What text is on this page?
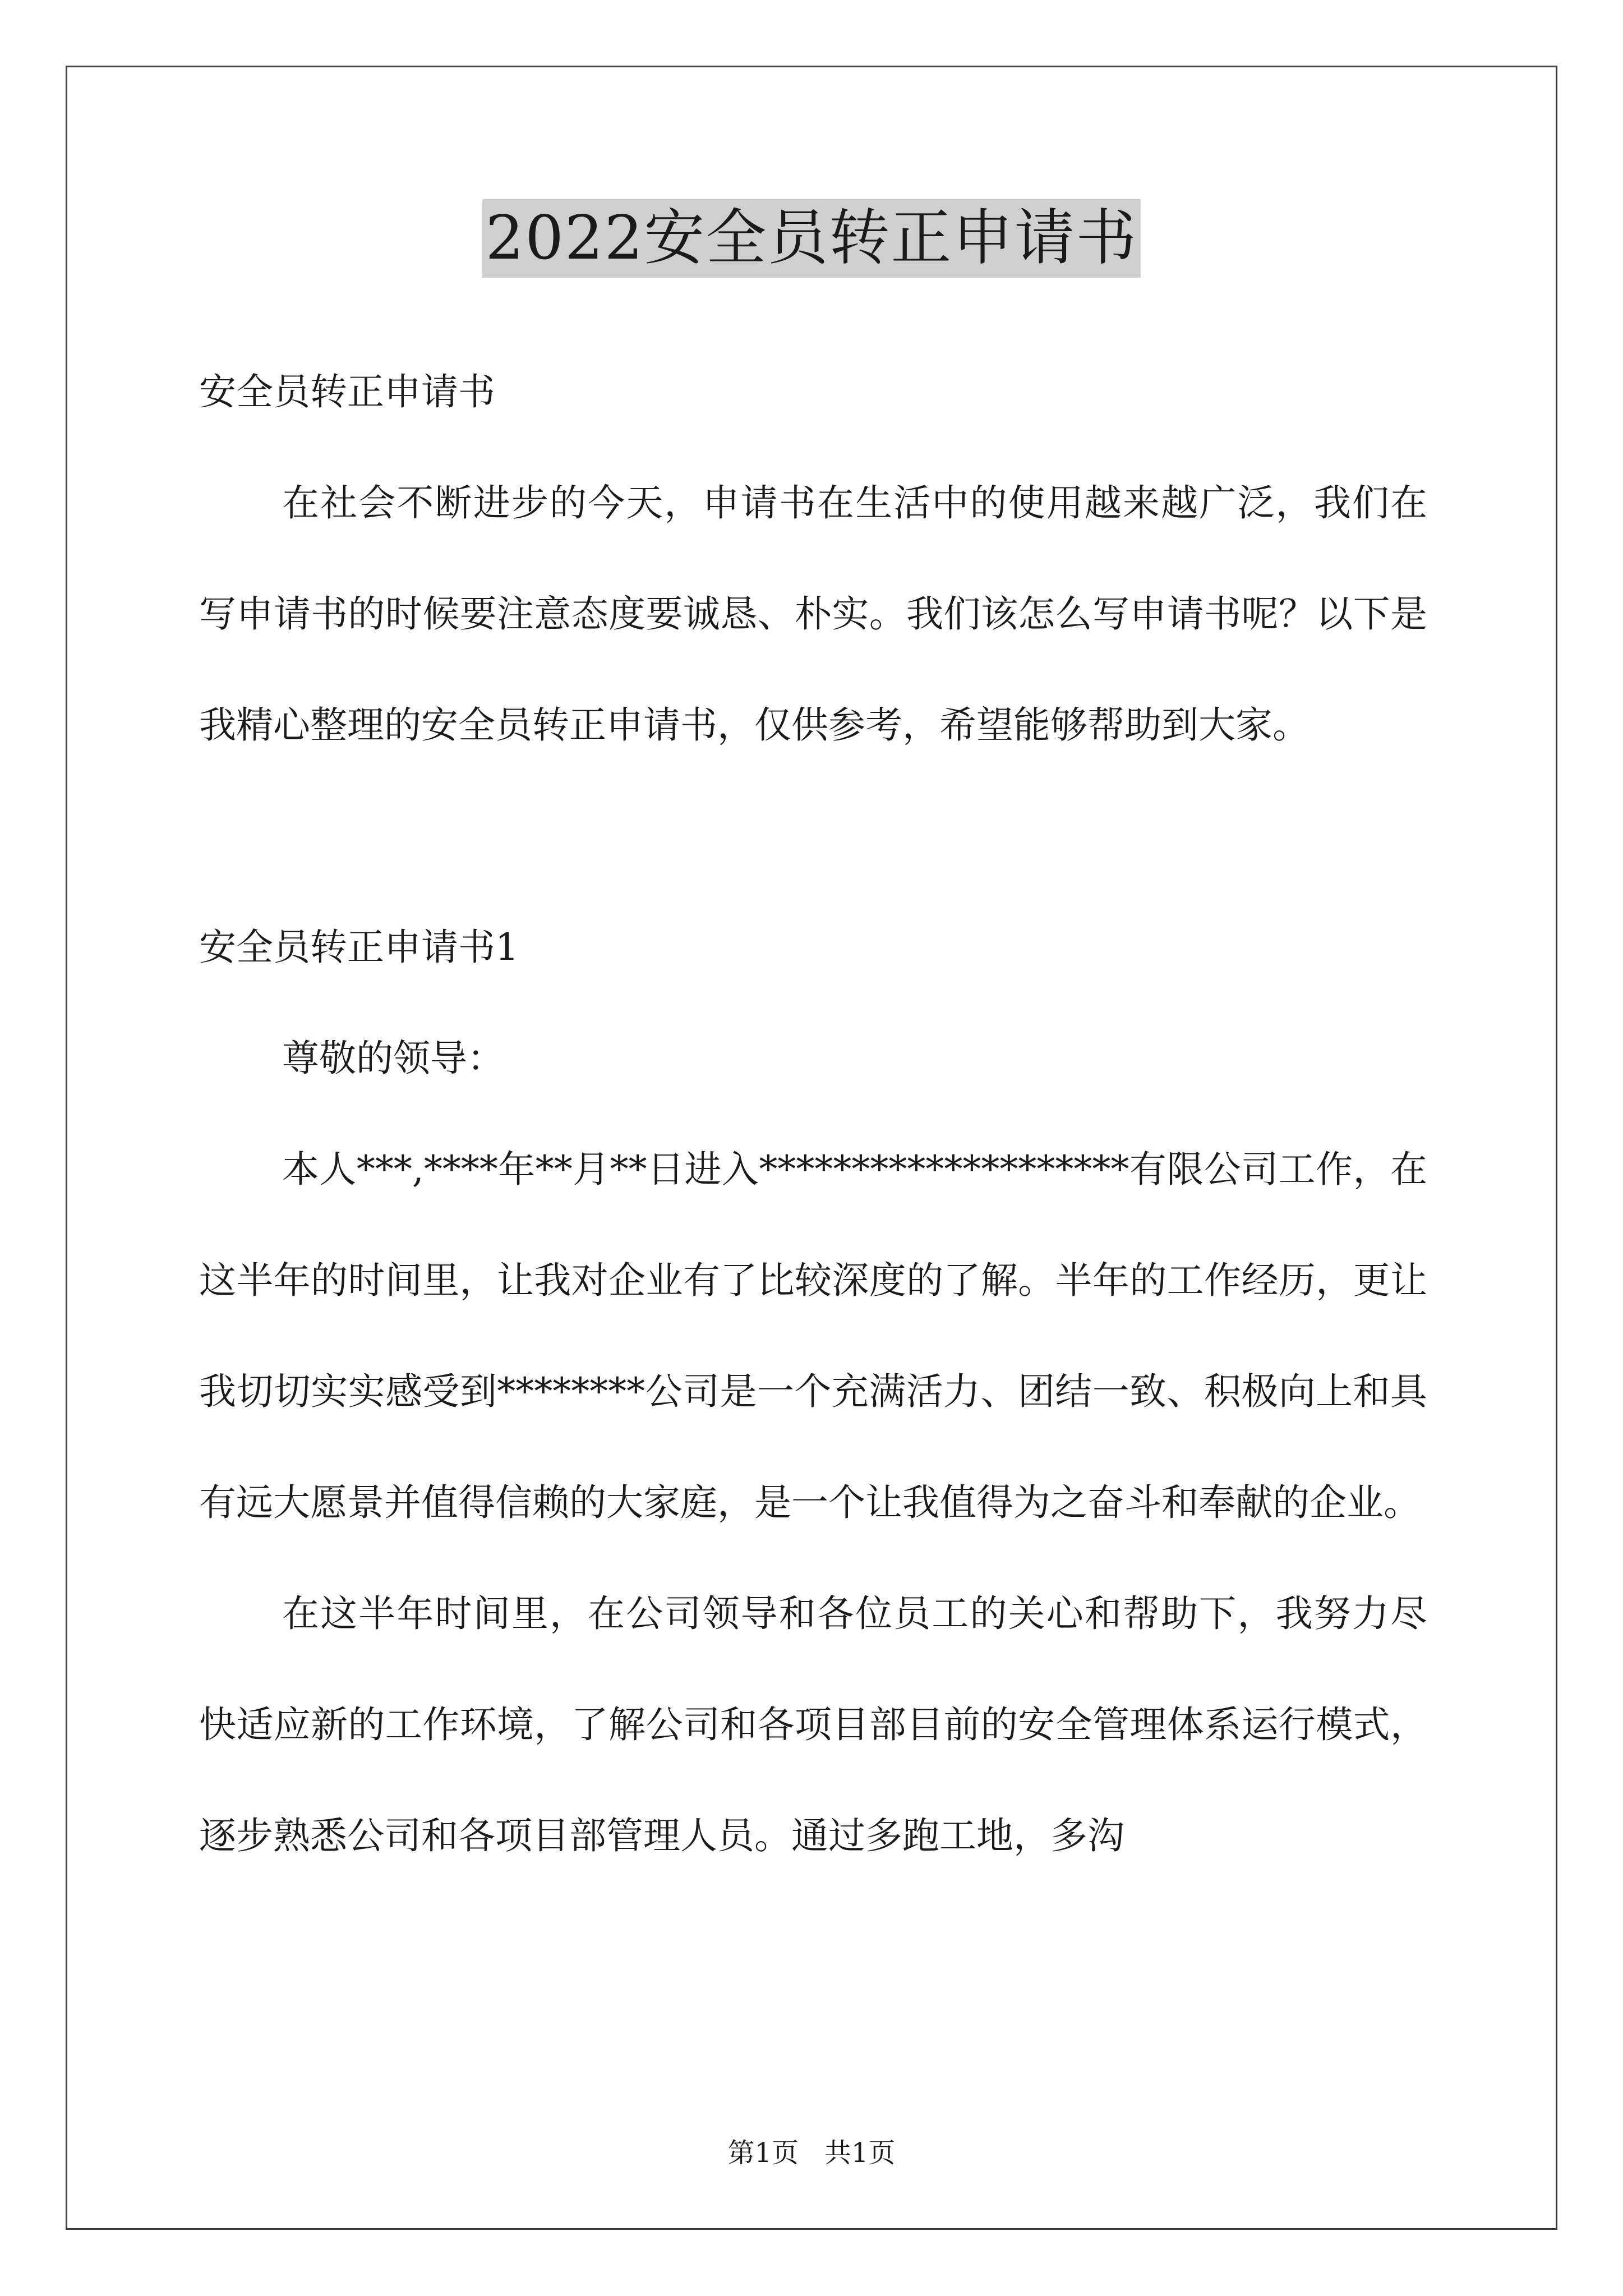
2022安全员转正申请书

安全员转正申请书

在社会不断进步的今天，申请书在生活中的使用越来越广泛，我们在写申请书的时候要注意态度要诚恳、朴实。我们该怎么写申请书呢？以下是我精心整理的安全员转正申请书，仅供参考，希望能够帮助到大家。

安全员转正申请书1

尊敬的领导：

本人***,****年**月**日进入********************有限公司工作，在这半年的时间里，让我对企业有了比较深度的了解。半年的工作经历，更让我切切实实感受到********公司是一个充满活力、团结一致、积极向上和具有远大愿景并值得信赖的大家庭，是一个让我值得为之奋斗和奉献的企业。

在这半年时间里，在公司领导和各位员工的关心和帮助下，我努力尽快适应新的工作环境，了解公司和各项目部目前的安全管理体系运行模式，逐步熟悉公司和各项目部管理人员。通过多跑工地，多沟

第1页   共1页
